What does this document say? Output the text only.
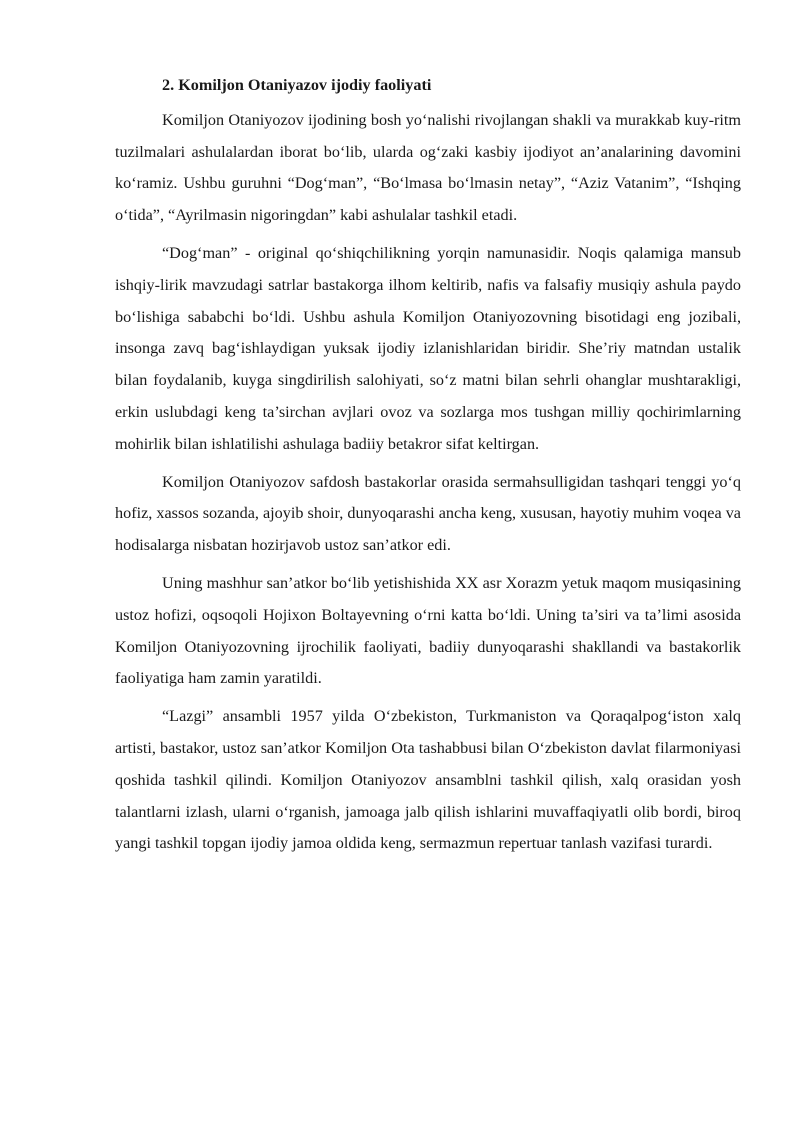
2. Komiljon Otaniyazov ijodiy faoliyati

Komiljon Otaniyozov ijodining bosh yo‘nalishi rivojlangan shakli va murakkab kuy-ritm tuzilmalari ashulalardan iborat bo‘lib, ularda og‘zaki kasbiy ijodiyot an’analarining davomini ko‘ramiz. Ushbu guruhni “Dog‘man”, “Bo‘lmasa bo‘lmasin netay”, “Aziz Vatanim”, “Ishqing o‘tida”, “Ayrilmasin nigoringdan” kabi ashulalar tashkil etadi.

“Dog‘man” - original qo‘shiqchilikning yorqin namunasidir. Noqis qalamiga mansub ishqiy-lirik mavzudagi satrlar bastakorga ilhom keltirib, nafis va falsafiy musiqiy ashula paydo bo‘lishiga sababchi bo‘ldi. Ushbu ashula Komiljon Otaniyozovning bisotidagi eng jozibali, insonga zavq bag‘ishlaydigan yuksak ijodiy izlanishlaridan biridir. She’riy matndan ustalik bilan foydalanib, kuyga singdirilish salohiyati, so‘z matni bilan sehrli ohanglar mushtarakligi, erkin uslubdagi keng ta’sirchan avjlari ovoz va sozlarga mos tushgan milliy qochirimlarning mohirlik bilan ishlatilishi ashulaga badiiy betakror sifat keltirgan.

Komiljon Otaniyozov safdosh bastakorlar orasida sermahsulligidan tashqari tenggi yo‘q hofiz, xassos sozanda, ajoyib shoir, dunyoqarashi ancha keng, xususan, hayotiy muhim voqea va hodisalarga nisbatan hozirjavob ustoz san’atkor edi.

Uning mashhur san’atkor bo‘lib yetishishida XX asr Xorazm yetuk maqom musiqasining ustoz hofizi, oqsoqoli Hojixon Boltayevning o‘rni katta bo‘ldi. Uning ta’siri va ta’limi asosida Komiljon Otaniyozovning ijrochilik faoliyati, badiiy dunyoqarashi shakllandi va bastakorlik faoliyatiga ham zamin yaratildi.

“Lazgi” ansambli 1957 yilda O‘zbekiston, Turkmaniston va Qoraqalpog‘iston xalq artisti, bastakor, ustoz san’atkor Komiljon Ota tashabbusi bilan O‘zbekiston davlat filarmoniyasi qoshida tashkil qilindi. Komiljon Otaniyozov ansamblni tashkil qilish, xalq orasidan yosh talantlarni izlash, ularni o‘rganish, jamoaga jalb qilish ishlarini muvaffaqiyatli olib bordi, biroq yangi tashkil topgan ijodiy jamoa oldida keng, sermazmun repertuar tanlash vazifasi turardi.
